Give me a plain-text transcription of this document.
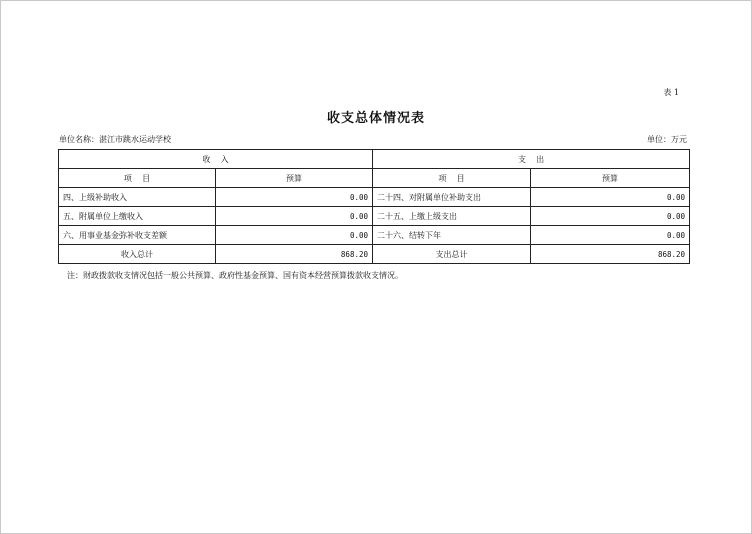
表 1
收支总体情况表
单位名称：湛江市跳水运动学校	单位：万元
收    入		支    出	
项    目	预算	项    目	预算
四、上级补助收入	0.00	二十四、对附属单位补助支出	0.00
五、附属单位上缴收入	0.00	二十五、上缴上级支出	0.00
六、用事业基金弥补收支差额	0.00	二十六、结转下年	0.00
收入总计	868.20	支出总计	868.20
注：财政拨款收支情况包括一般公共预算、政府性基金预算、国有资本经营预算拨款收支情况。
